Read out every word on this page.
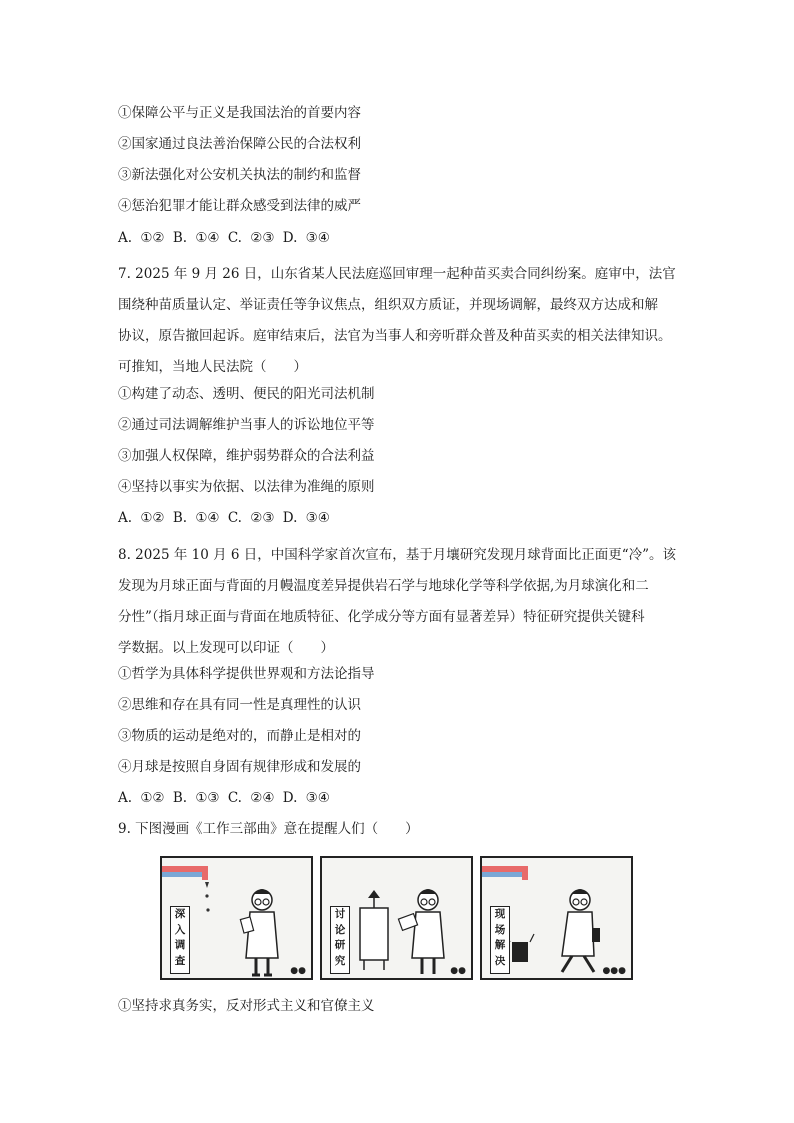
①保障公平与正义是我国法治的首要内容
②国家通过良法善治保障公民的合法权利
③新法强化对公安机关执法的制约和监督
④惩治犯罪才能让群众感受到法律的威严
A. ①② B. ①④ C. ②③ D. ③④
7. 2025 年 9 月 26 日，山东省某人民法庭巡回审理一起种苗买卖合同纠纷案。庭审中，法官
围绕种苗质量认定、举证责任等争议焦点，组织双方质证，并现场调解，最终双方达成和解
协议，原告撤回起诉。庭审结束后，法官为当事人和旁听群众普及种苗买卖的相关法律知识。
可推知，当地人民法院（　　）
①构建了动态、透明、便民的阳光司法机制
②通过司法调解维护当事人的诉讼地位平等
③加强人权保障，维护弱势群众的合法利益
④坚持以事实为依据、以法律为准绳的原则
A. ①② B. ①④ C. ②③ D. ③④
8. 2025 年 10 月 6 日，中国科学家首次宣布，基于月壤研究发现月球背面比正面更“冷”。该
发现为月球正面与背面的月幔温度差异提供岩石学与地球化学等科学依据,为月球演化和二
分性”（指月球正面与背面在地质特征、化学成分等方面有显著差异）特征研究提供关键科
学数据。以上发现可以印证（　　）
①哲学为具体科学提供世界观和方法论指导
②思维和存在具有同一性是真理性的认识
③物质的运动是绝对的，而静止是相对的
④月球是按照自身固有规律形成和发展的
A. ①② B. ①③ C. ②④ D. ③④
9. 下图漫画《工作三部曲》意在提醒人们（　　）
深
入
调
查
●●
讨
论
研
究
●●
现
场
解
决
●●●
①坚持求真务实，反对形式主义和官僚主义
